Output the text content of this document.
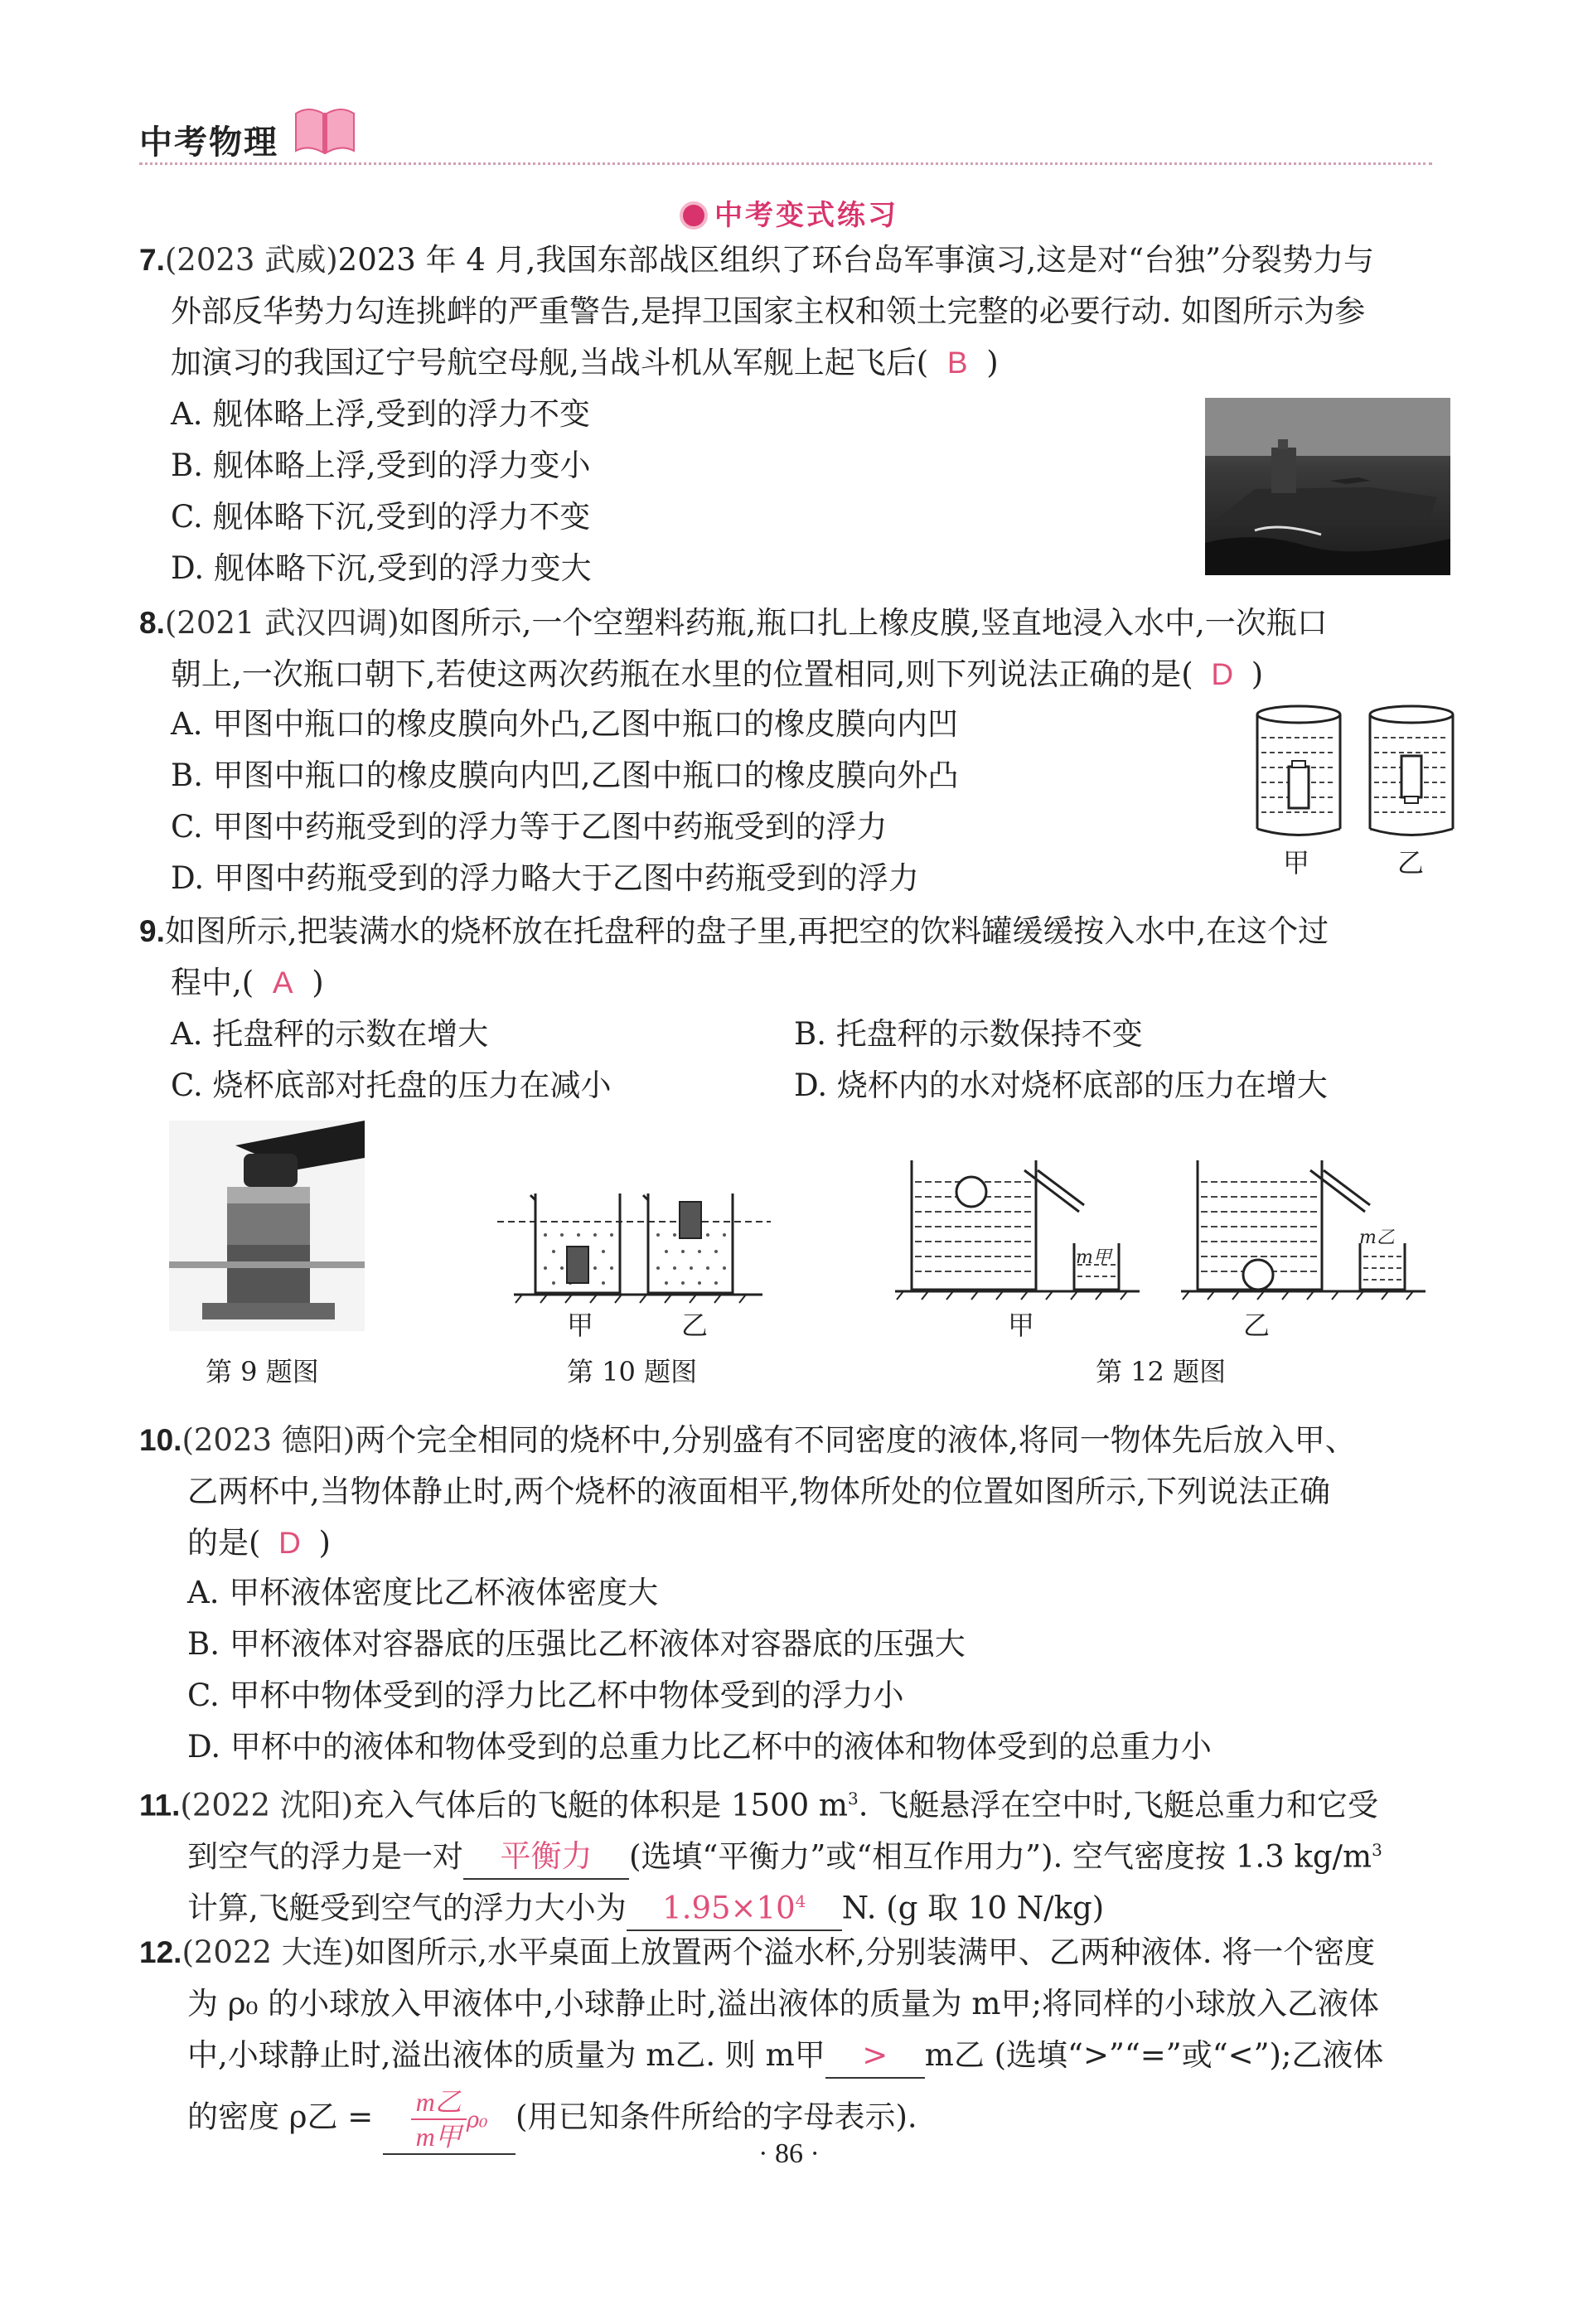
中考物理
中考变式练习
7.(2023 武威)2023 年 4 月,我国东部战区组织了环台岛军事演习,这是对“台独”分裂势力与
外部反华势力勾连挑衅的严重警告,是捍卫国家主权和领土完整的必要行动. 如图所示为参
加演习的我国辽宁号航空母舰,当战斗机从军舰上起飞后( B )
A. 舰体略上浮,受到的浮力不变
B. 舰体略上浮,受到的浮力变小
C. 舰体略下沉,受到的浮力不变
D. 舰体略下沉,受到的浮力变大
8.(2021 武汉四调)如图所示,一个空塑料药瓶,瓶口扎上橡皮膜,竖直地浸入水中,一次瓶口
朝上,一次瓶口朝下,若使这两次药瓶在水里的位置相同,则下列说法正确的是( D )
A. 甲图中瓶口的橡皮膜向外凸,乙图中瓶口的橡皮膜向内凹
B. 甲图中瓶口的橡皮膜向内凹,乙图中瓶口的橡皮膜向外凸
C. 甲图中药瓶受到的浮力等于乙图中药瓶受到的浮力
D. 甲图中药瓶受到的浮力略大于乙图中药瓶受到的浮力	甲	乙
9.如图所示,把装满水的烧杯放在托盘秤的盘子里,再把空的饮料罐缓缓按入水中,在这个过
程中,( A )
A. 托盘秤的示数在增大	B. 托盘秤的示数保持不变
C. 烧杯底部对托盘的压力在减小	D. 烧杯内的水对烧杯底部的压力在增大
第 9 题图
甲	乙
第 10 题图
m甲
m乙
甲	乙
第 12 题图
10.(2023 德阳)两个完全相同的烧杯中,分别盛有不同密度的液体,将同一物体先后放入甲、
乙两杯中,当物体静止时,两个烧杯的液面相平,物体所处的位置如图所示,下列说法正确
的是( D )
A. 甲杯液体密度比乙杯液体密度大
B. 甲杯液体对容器底的压强比乙杯液体对容器底的压强大
C. 甲杯中物体受到的浮力比乙杯中物体受到的浮力小
D. 甲杯中的液体和物体受到的总重力比乙杯中的液体和物体受到的总重力小
11.(2022 沈阳)充入气体后的飞艇的体积是 1500 $m^3$. 飞艇悬浮在空中时,飞艇总重力和它受
到空气的浮力是一对 平衡力 (选填“平衡力”或“相互作用力”). 空气密度按 1.3 $kg/m^3$
计算,飞艇受到空气的浮力大小为 $1.95\times 10^4$ N. (g 取 10 N/kg)
12.(2022 大连)如图所示,水平桌面上放置两个溢水杯,分别装满甲、乙两种液体. 将一个密度
为 ρ₀ 的小球放入甲液体中,小球静止时,溢出液体的质量为 m甲;将同样的小球放入乙液体
中,小球静止时,溢出液体的质量为 m乙. 则 m甲 > m乙 (选填“>”“=”或“<”);乙液体
的密度 ρ乙 = $\frac{\text{m乙}}{\text{m甲}} \rho_0$ (用已知条件所给的字母表示).
· 86 ·
